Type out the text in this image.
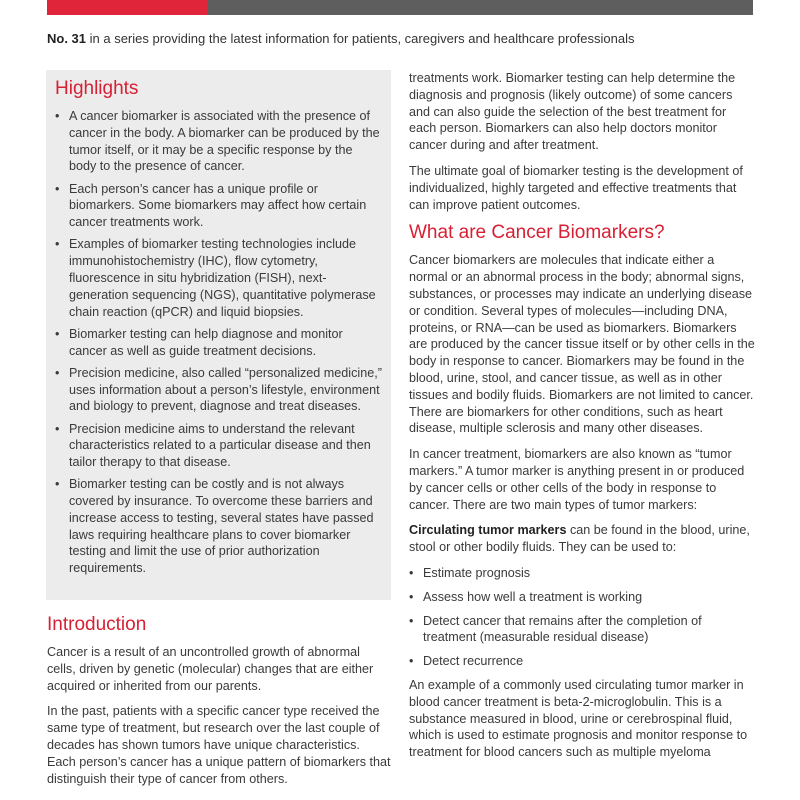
No. 31 in a series providing the latest information for patients, caregivers and healthcare professionals
Highlights
• A cancer biomarker is associated with the presence of cancer in the body. A biomarker can be produced by the tumor itself, or it may be a specific response by the body to the presence of cancer.
• Each person’s cancer has a unique profile or biomarkers. Some biomarkers may affect how certain cancer treatments work.
• Examples of biomarker testing technologies include immunohistochemistry (IHC), flow cytometry, fluorescence in situ hybridization (FISH), next-generation sequencing (NGS), quantitative polymerase chain reaction (qPCR) and liquid biopsies.
• Biomarker testing can help diagnose and monitor cancer as well as guide treatment decisions.
• Precision medicine, also called “personalized medicine,” uses information about a person’s lifestyle, environment and biology to prevent, diagnose and treat diseases.
• Precision medicine aims to understand the relevant characteristics related to a particular disease and then tailor therapy to that disease.
• Biomarker testing can be costly and is not always covered by insurance. To overcome these barriers and increase access to testing, several states have passed laws requiring healthcare plans to cover biomarker testing and limit the use of prior authorization requirements.
Introduction

Cancer is a result of an uncontrolled growth of abnormal cells, driven by genetic (molecular) changes that are either acquired or inherited from our parents.

In the past, patients with a specific cancer type received the same type of treatment, but research over the last couple of decades has shown tumors have unique characteristics. Each person’s cancer has a unique pattern of biomarkers that distinguish their type of cancer from others.

treatments work. Biomarker testing can help determine the diagnosis and prognosis (likely outcome) of some cancers and can also guide the selection of the best treatment for each person. Biomarkers can also help doctors monitor cancer during and after treatment.

The ultimate goal of biomarker testing is the development of individualized, highly targeted and effective treatments that can improve patient outcomes.

What are Cancer Biomarkers?

Cancer biomarkers are molecules that indicate either a normal or an abnormal process in the body; abnormal signs, substances, or processes may indicate an underlying disease or condition. Several types of molecules—including DNA, proteins, or RNA—can be used as biomarkers. Biomarkers are produced by the cancer tissue itself or by other cells in the body in response to cancer. Biomarkers may be found in the blood, urine, stool, and cancer tissue, as well as in other tissues and bodily fluids. Biomarkers are not limited to cancer. There are biomarkers for other conditions, such as heart disease, multiple sclerosis and many other diseases.

In cancer treatment, biomarkers are also known as “tumor markers.” A tumor marker is anything present in or produced by cancer cells or other cells of the body in response to cancer. There are two main types of tumor markers:

Circulating tumor markers can be found in the blood, urine, stool or other bodily fluids. They can be used to:

• Estimate prognosis
• Assess how well a treatment is working
• Detect cancer that remains after the completion of treatment (measurable residual disease)
• Detect recurrence

An example of a commonly used circulating tumor marker in blood cancer treatment is beta-2-microglobulin. This is a substance measured in blood, urine or cerebrospinal fluid, which is used to estimate prognosis and monitor response to treatment for blood cancers such as multiple myeloma
